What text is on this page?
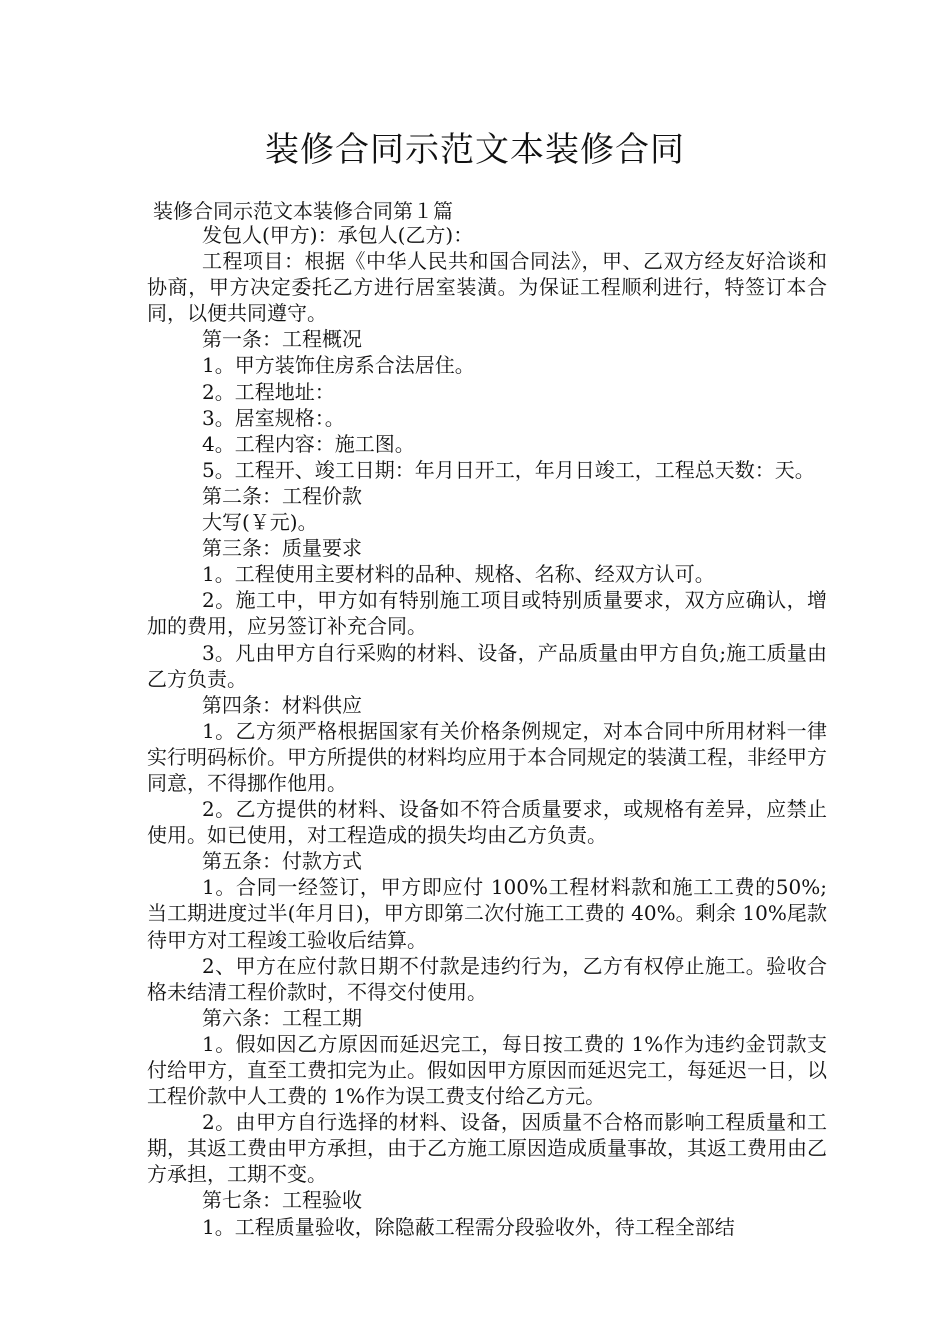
装修合同示范文本装修合同
装修合同示范文本装修合同第１篇

发包人(甲方)：承包人(乙方)：

工程项目：根据《中华人民共和国合同法》，甲、乙双方经友好洽谈和协商，甲方决定委托乙方进行居室装潢。为保证工程顺利进行，特签订本合同，以便共同遵守。

第一条：工程概况

1。甲方装饰住房系合法居住。

2。工程地址：

3。居室规格：。

4。工程内容：施工图。

5。工程开、竣工日期：年月日开工，年月日竣工，工程总天数：天。

第二条：工程价款

大写(￥元)。

第三条：质量要求

1。工程使用主要材料的品种、规格、名称、经双方认可。

2。施工中，甲方如有特别施工项目或特别质量要求，双方应确认，增加的费用，应另签订补充合同。

3。凡由甲方自行采购的材料、设备，产品质量由甲方自负;施工质量由乙方负责。

第四条：材料供应

1。乙方须严格根据国家有关价格条例规定，对本合同中所用材料一律实行明码标价。甲方所提供的材料均应用于本合同规定的装潢工程，非经甲方同意，不得挪作他用。

2。乙方提供的材料、设备如不符合质量要求，或规格有差异，应禁止使用。如已使用，对工程造成的损失均由乙方负责。

第五条：付款方式

1。合同一经签订，甲方即应付 100%工程材料款和施工工费的50%;当工期进度过半(年月日)，甲方即第二次付施工工费的 40%。剩余 10%尾款待甲方对工程竣工验收后结算。

2、甲方在应付款日期不付款是违约行为，乙方有权停止施工。验收合格未结清工程价款时，不得交付使用。

第六条：工程工期

1。假如因乙方原因而延迟完工，每日按工费的 1%作为违约金罚款支付给甲方，直至工费扣完为止。假如因甲方原因而延迟完工，每延迟一日，以工程价款中人工费的 1%作为误工费支付给乙方元。

2。由甲方自行选择的材料、设备，因质量不合格而影响工程质量和工期，其返工费由甲方承担，由于乙方施工原因造成质量事故，其返工费用由乙方承担，工期不变。

第七条：工程验收

1。工程质量验收，除隐蔽工程需分段验收外，待工程全部结
